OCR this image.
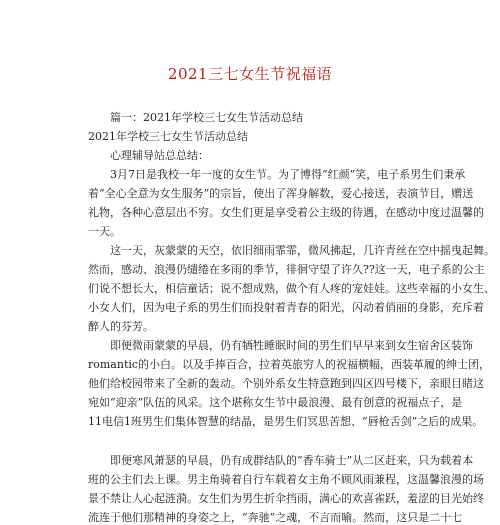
2021三七女生节祝福语
篇一：2021年学校三七女生节活动总结
2021年学校三七女生节活动总结
心理辅导站总总结：
3月7日是我校一年一度的女生节。为了博得“红颜”笑，电子系男生们秉承
着“全心全意为女生服务”的宗旨，使出了浑身解数，爱心接送，表演节目，赠送
礼物，各种心意层出不穷。女生们更是享受着公主级的待遇，在感动中度过温馨的
一天。
这一天，灰蒙蒙的天空，依旧细雨霏霏，微风拂起，几许青丝在空中摇曳起舞。
然而，感动、浪漫仍缱绻在多雨的季节，徘徊守望了许久??这一天，电子系的公主
们说不想长大，相信童话；说不想成熟，做个有人疼的宠娃娃。这些幸福的小女生、
小女人们，因为电子系的男生们而投射着青春的阳光，闪动着俏丽的身影，充斥着
醉人的芬芳。
即便微雨蒙蒙的早晨，仍有牺牲睡眠时间的男生们早早来到女生宿舍区装饰
romantic的小白。以及手捧百合，拉着英旅穷人的祝福横幅，西装革履的绅士团，
他们给校园带来了全新的轰动。个别外系女生特意跑到四区四号楼下，亲眼目睹这
宛如“迎亲”队伍的风采。这个堪称女生节中最浪漫、最有创意的祝福点子，是
11电信1班男生们集体智慧的结晶，是男生们冥思苦想、“唇枪舌剑”之后的成果。
即便寒风萧瑟的早晨，仍有成群结队的“香车骑士”从二区赶来，只为载着本
班的公主们去上课。男主角骑着自行车载着女主角不顾风雨兼程，这温馨浪漫的场
景不禁让人心起涟漪。女生们为男生折伞挡雨，满心的欢喜雀跃，羞涩的目光始终
流连于他们那精神的身姿之上，“奔驰”之魂，不言而喻。然而，这只是二十七
